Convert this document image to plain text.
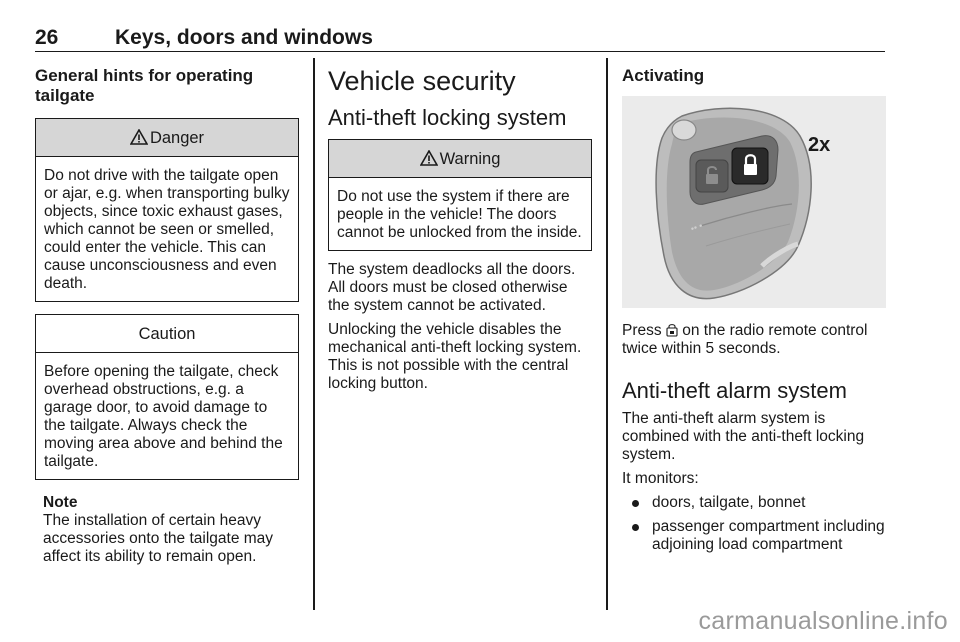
26	Keys, doors and windows
General hints for operating tailgate
Danger
Do not drive with the tailgate open or ajar, e.g. when transporting bulky objects, since toxic exhaust gases, which cannot be seen or smelled, could enter the vehicle. This can cause unconsciousness and even death.
Caution
Before opening the tailgate, check overhead obstructions, e.g. a garage door, to avoid damage to the tailgate. Always check the moving area above and behind the tailgate.
Note
The installation of certain heavy accessories onto the tailgate may affect its ability to remain open.
Vehicle security
Anti-theft locking system
Warning
Do not use the system if there are people in the vehicle! The doors cannot be unlocked from the inside.

The system deadlocks all the doors. All doors must be closed otherwise the system cannot be activated.

Unlocking the vehicle disables the mechanical anti-theft locking system. This is not possible with the central locking button.

Activating
•• •
2x
Press on the radio remote control twice within 5 seconds.
Anti-theft alarm system

The anti-theft alarm system is combined with the anti-theft locking system.

It monitors:

doors, tailgate, bonnet
passenger compartment including adjoining load compartment
carmanualsonline.info
